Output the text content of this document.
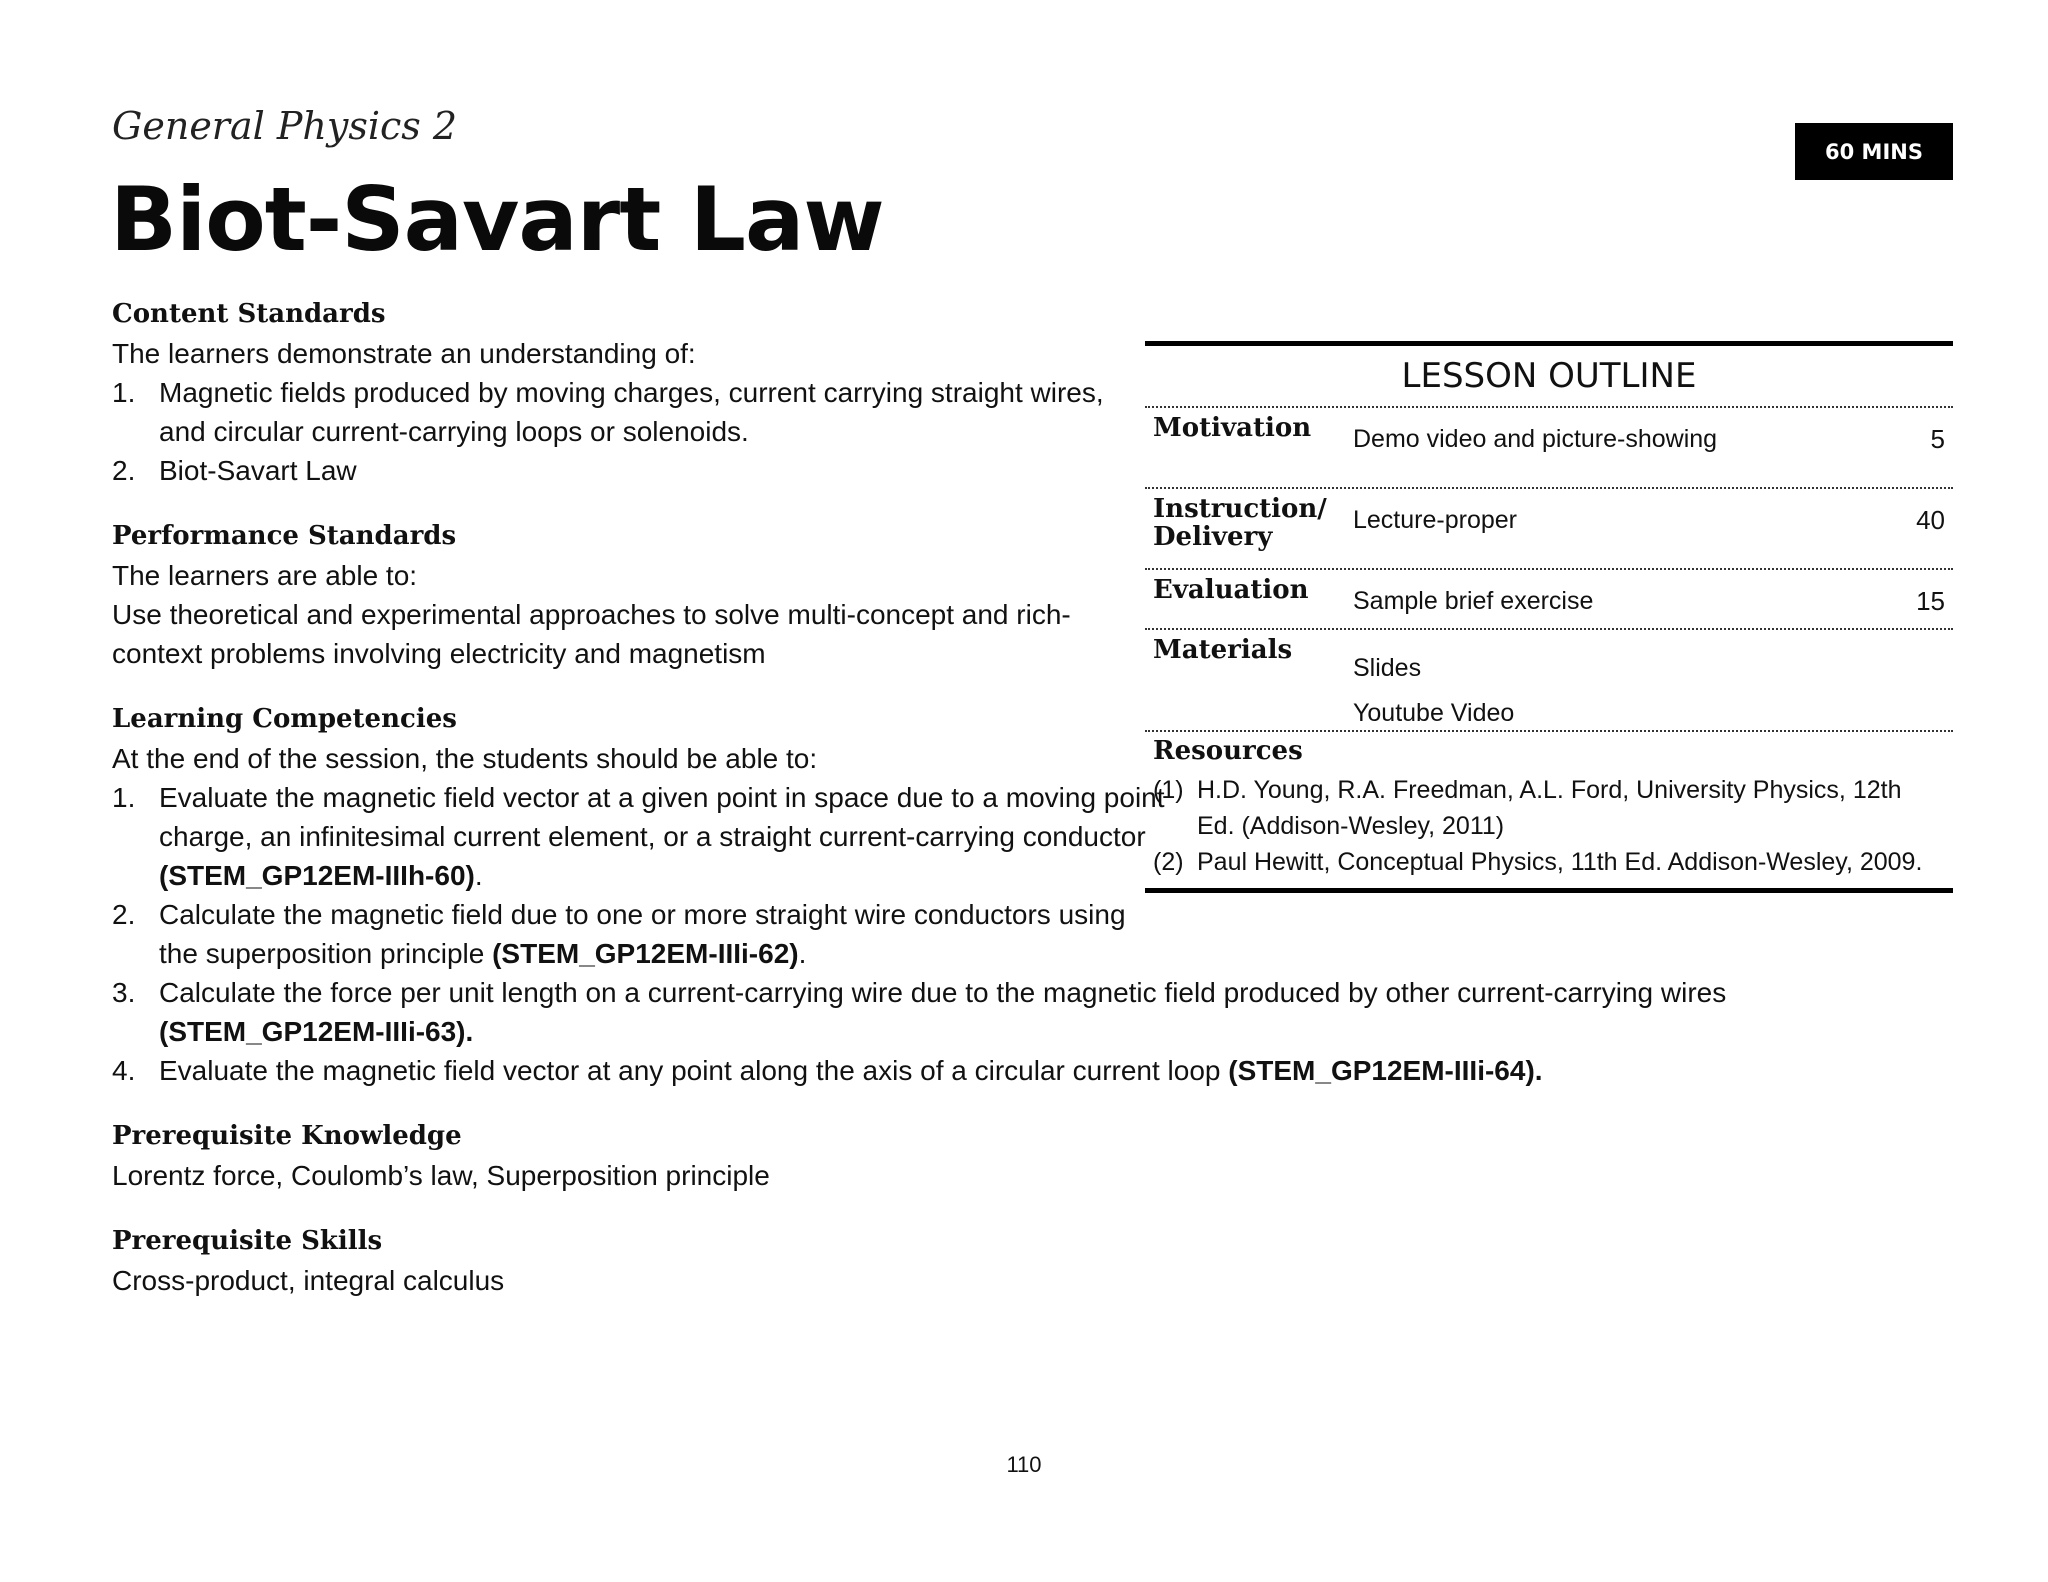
General Physics 2
Biot-Savart Law
60 MINS

Content Standards

The learners demonstrate an understanding of:

1. Magnetic fields produced by moving charges, current carrying straight wires, and circular current-carrying loops or solenoids.
2. Biot-Savart Law

Performance Standards

The learners are able to:

Use theoretical and experimental approaches to solve multi-concept and rich-context problems involving electricity and magnetism

Learning Competencies

At the end of the session, the students should be able to:

1. Evaluate the magnetic field vector at a given point in space due to a moving point charge, an infinitesimal current element, or a straight current-carrying conductor (STEM_GP12EM-IIIh-60).
2. Calculate the magnetic field due to one or more straight wire conductors using the superposition principle (STEM_GP12EM-IIIi-62).
3. Calculate the force per unit length on a current-carrying wire due to the magnetic field produced by other current-carrying wires (STEM_GP12EM-IIIi-63).
4. Evaluate the magnetic field vector at any point along the axis of a circular current loop (STEM_GP12EM-IIIi-64).

Prerequisite Knowledge

Lorentz force, Coulomb’s law, Superposition principle

Prerequisite Skills

Cross-product, integral calculus

LESSON OUTLINE
Motivation	Demo video and picture-showing	5
Instruction/
Delivery
Lecture-proper	40
Evaluation	Sample brief exercise	15
Materials
Slides
Youtube Video
Resources
(1) H.D. Young, R.A. Freedman, A.L. Ford, University Physics, 12th Ed. (Addison-Wesley, 2011)
(2) Paul Hewitt, Conceptual Physics, 11th Ed. Addison-Wesley, 2009.
110
